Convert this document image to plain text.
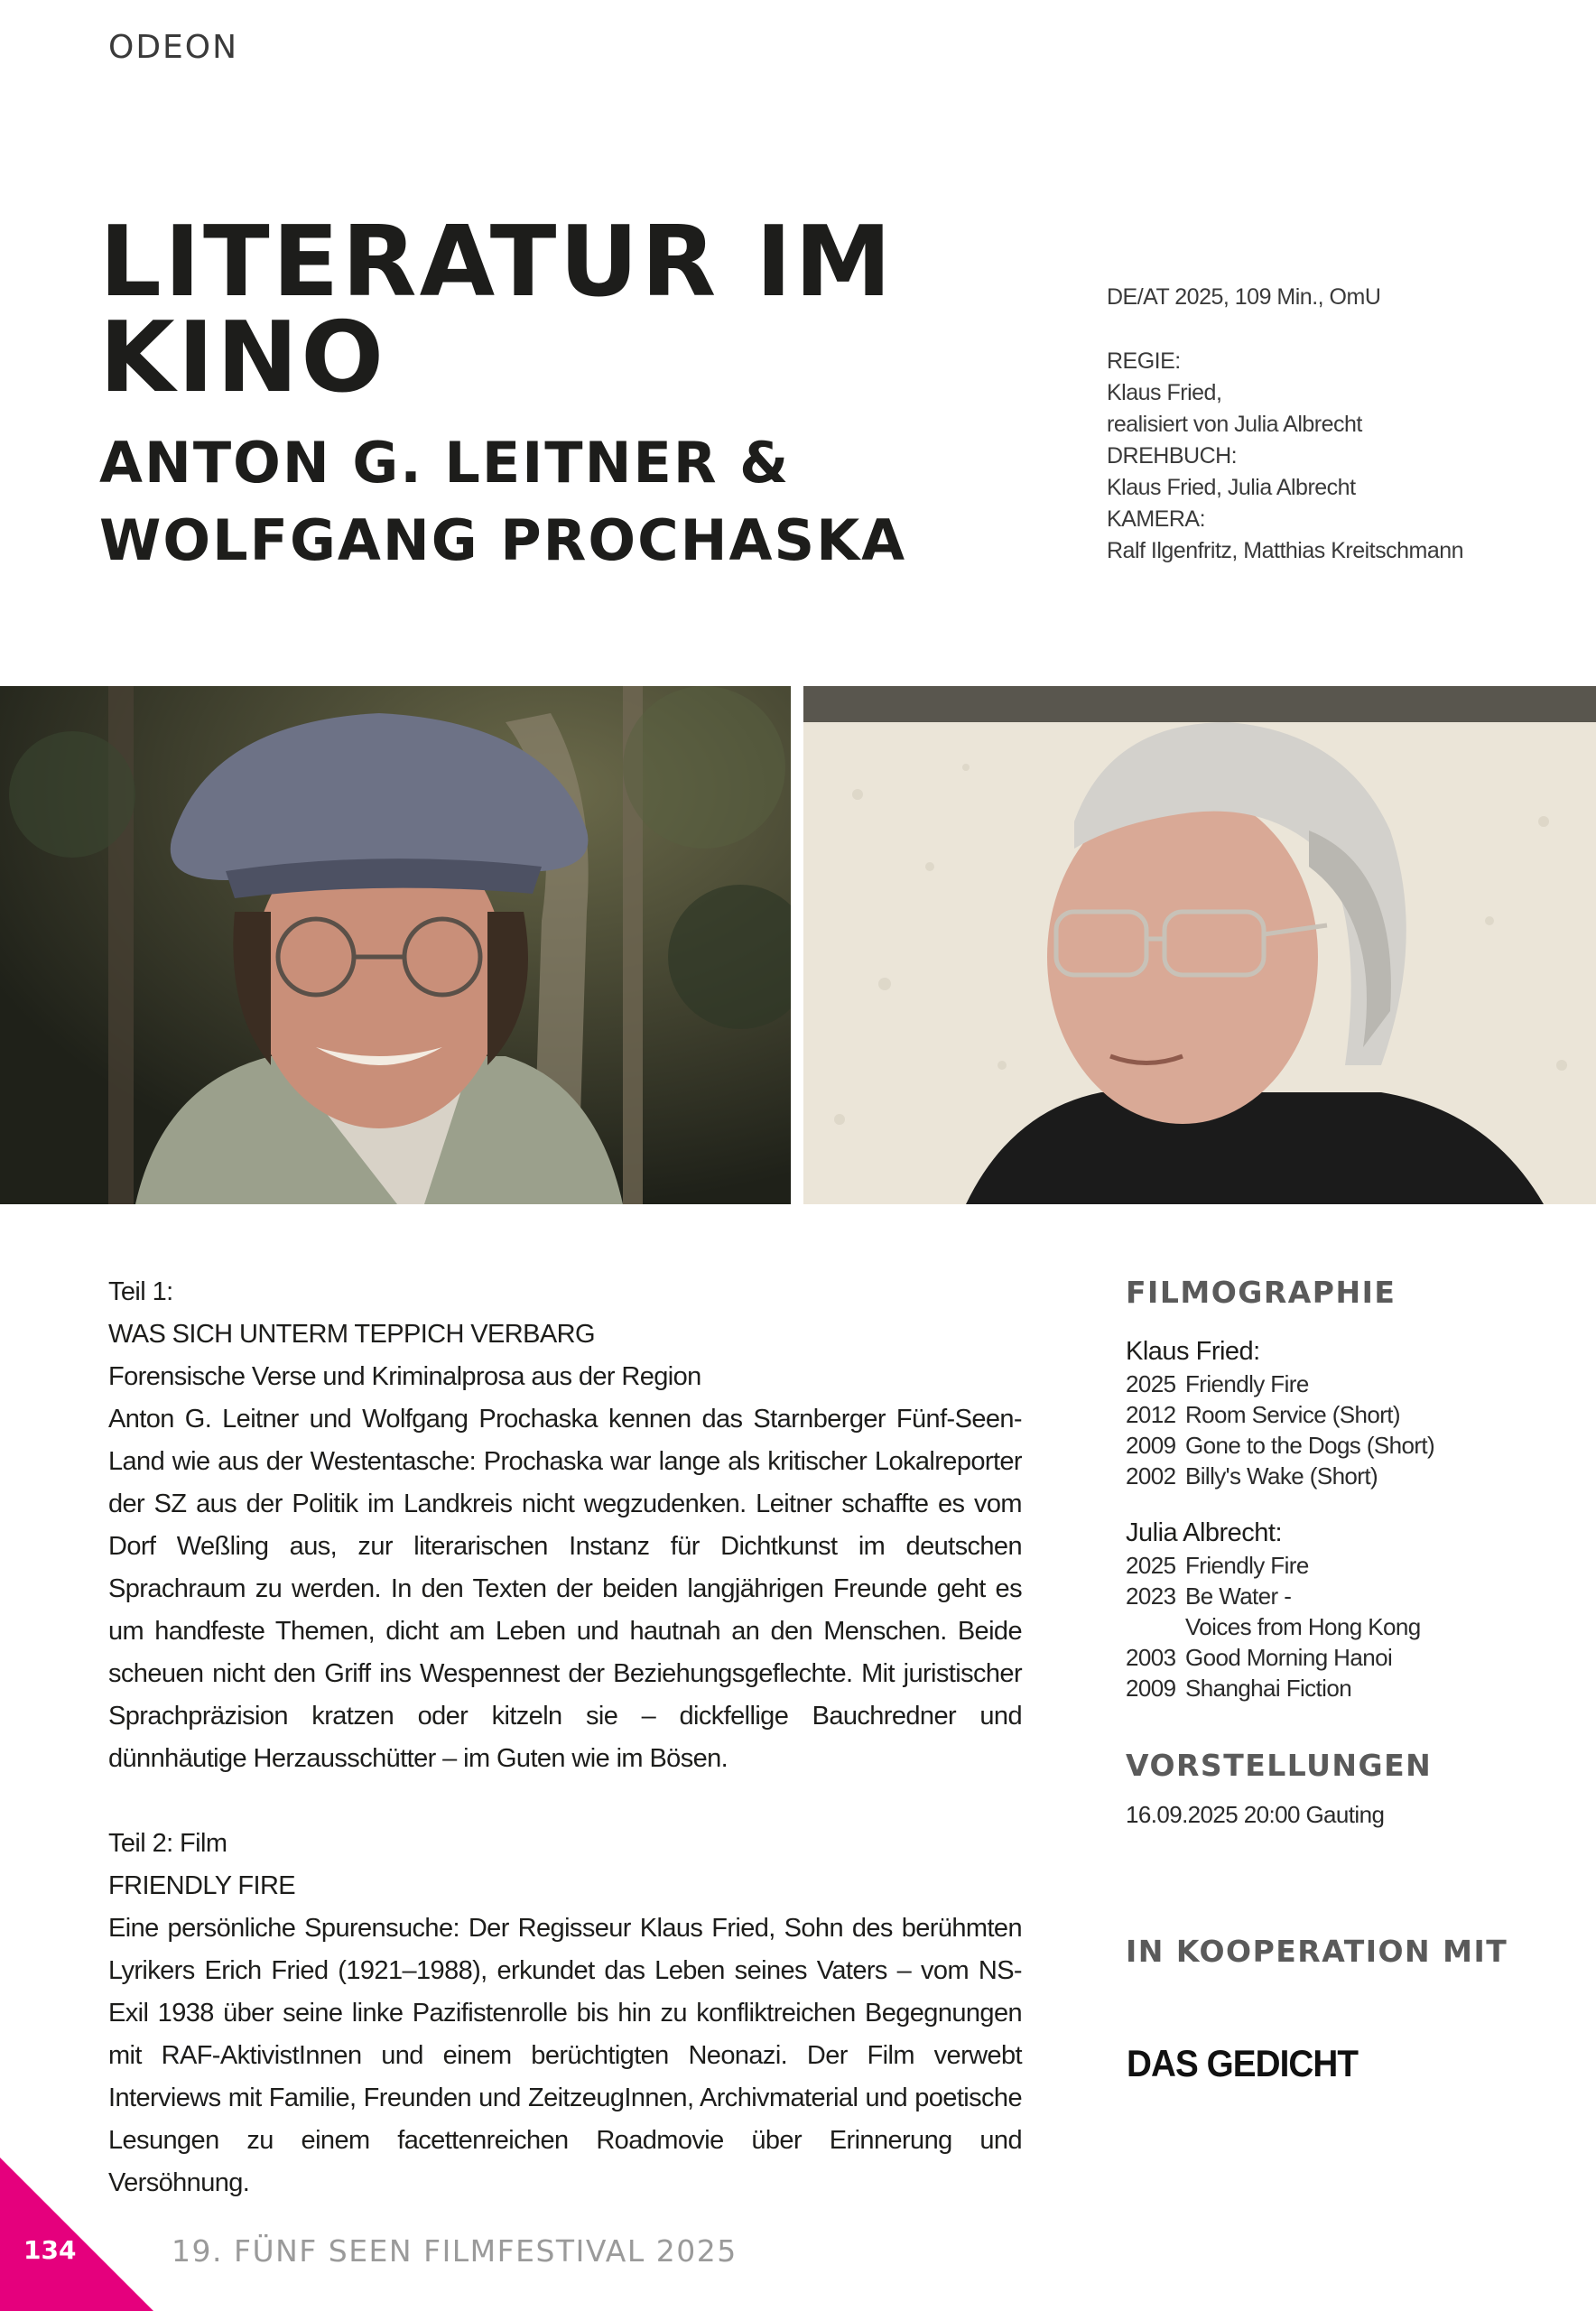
ODEON
LITERATUR IM
KINO
ANTON G. LEITNER &
WOLFGANG PROCHASKA
DE/AT 2025, 109 Min., OmU
REGIE:
Klaus Fried,
realisiert von Julia Albrecht
DREHBUCH:
Klaus Fried, Julia Albrecht
KAMERA:
Ralf Ilgenfritz, Matthias Kreitschmann

Teil 1:

WAS SICH UNTERM TEPPICH VERBARG

Forensische Verse und Kriminalprosa aus der Region

Anton G. Leitner und Wolfgang Prochaska kennen das Starnberger Fünf-Seen-Land wie aus der Westentasche: Prochaska war lange als kritischer Lokalreporter der SZ aus der Politik im Landkreis nicht wegzudenken. Leitner schaffte es vom Dorf Weßling aus, zur literarischen Instanz für Dichtkunst im deutschen Sprachraum zu werden. In den Texten der beiden langjährigen Freunde geht es um handfeste Themen, dicht am Leben und hautnah an den Menschen. Beide scheuen nicht den Griff ins Wespennest der Beziehungsgeflechte. Mit juristischer Sprachpräzision kratzen oder kitzeln sie – dickfellige Bauchredner und dünnhäutige Herzausschütter – im Guten wie im Bösen.

Teil 2: Film

FRIENDLY FIRE

Eine persönliche Spurensuche: Der Regisseur Klaus Fried, Sohn des berühmten Lyrikers Erich Fried (1921–1988), erkundet das Leben seines Vaters – vom NS-Exil 1938 über seine linke Pazifistenrolle bis hin zu konfliktreichen Begegnungen mit RAF-AktivistInnen und einem berüchtigten Neonazi. Der Film verwebt Interviews mit Familie, Freunden und ZeitzeugInnen, Archivmaterial und poetische Lesungen zu einem facettenreichen Roadmovie über Erinnerung und Versöhnung.

FILMOGRAPHIE
Klaus Fried:
2025 Friendly Fire
2012 Room Service (Short)
2009 Gone to the Dogs (Short)
2002 Billy's Wake (Short)
Julia Albrecht:
2025 Friendly Fire
2023 Be Water -
Voices from Hong Kong
2003 Good Morning Hanoi
2009 Shanghai Fiction
VORSTELLUNGEN
16.09.2025 20:00 Gauting
IN KOOPERATION MIT
DAS GEDICHT
134	19. FÜNF SEEN FILMFESTIVAL 2025
